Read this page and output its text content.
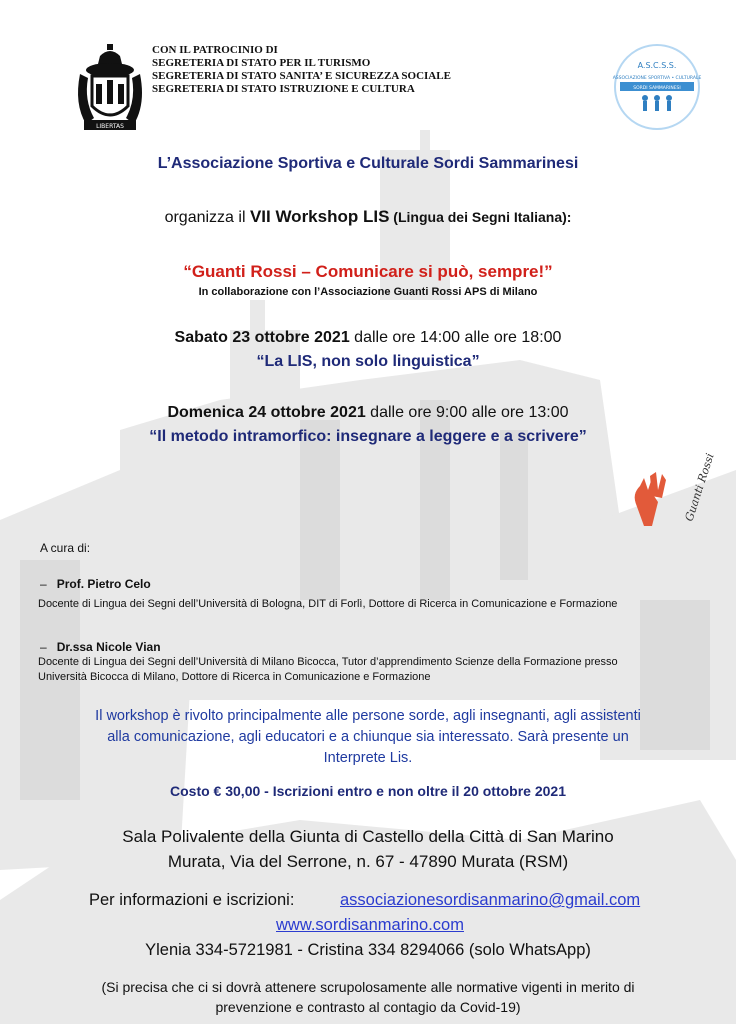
LIBERTAS
CON IL PATROCINIO DI
SEGRETERIA DI STATO PER IL TURISMO
SEGRETERIA DI STATO SANITA’ E SICUREZZA SOCIALE
SEGRETERIA DI STATO ISTRUZIONE E CULTURA
A.S.C.S.S.
ASSOCIAZIONE SPORTIVA • CULTURALE
SORDI SAMMARINESI
L’Associazione Sportiva e Culturale Sordi Sammarinesi
organizza il VII Workshop LIS (Lingua dei Segni Italiana):
“Guanti Rossi – Comunicare si può, sempre!”
In collaborazione con l’Associazione Guanti Rossi APS di Milano
Sabato 23 ottobre 2021 dalle ore 14:00 alle ore 18:00
“La LIS, non solo linguistica”
Domenica 24 ottobre 2021 dalle ore 9:00 alle ore 13:00
“Il metodo intramorfico: insegnare a leggere e a scrivere”
Guanti Rossi
A cura di:
– Prof. Pietro Celo
Docente di Lingua dei Segni dell’Università di Bologna, DIT di Forlì, Dottore di Ricerca in Comunicazione e Formazione
– Dr.ssa Nicole Vian
Docente di Lingua dei Segni dell’Università di Milano Bicocca, Tutor d’apprendimento Scienze della Formazione presso
Università Bicocca di Milano, Dottore di Ricerca in Comunicazione e Formazione
Il workshop è rivolto principalmente alle persone sorde, agli insegnanti, agli assistenti
alla comunicazione, agli educatori e a chiunque sia interessato. Sarà presente un
Interprete Lis.
Costo € 30,00 - Iscrizioni entro e non oltre il 20 ottobre 2021
Sala Polivalente della Giunta di Castello della Città di San Marino
Murata, Via del Serrone, n. 67 - 47890 Murata (RSM)
Per informazioni e iscrizioni:	associazionesordisanmarino@gmail.com
www.sordisanmarino.com
Ylenia 334-5721981 - Cristina 334 8294066 (solo WhatsApp)
(Si precisa che ci si dovrà attenere scrupolosamente alle normative vigenti in merito di
prevenzione e contrasto al contagio da Covid-19)
